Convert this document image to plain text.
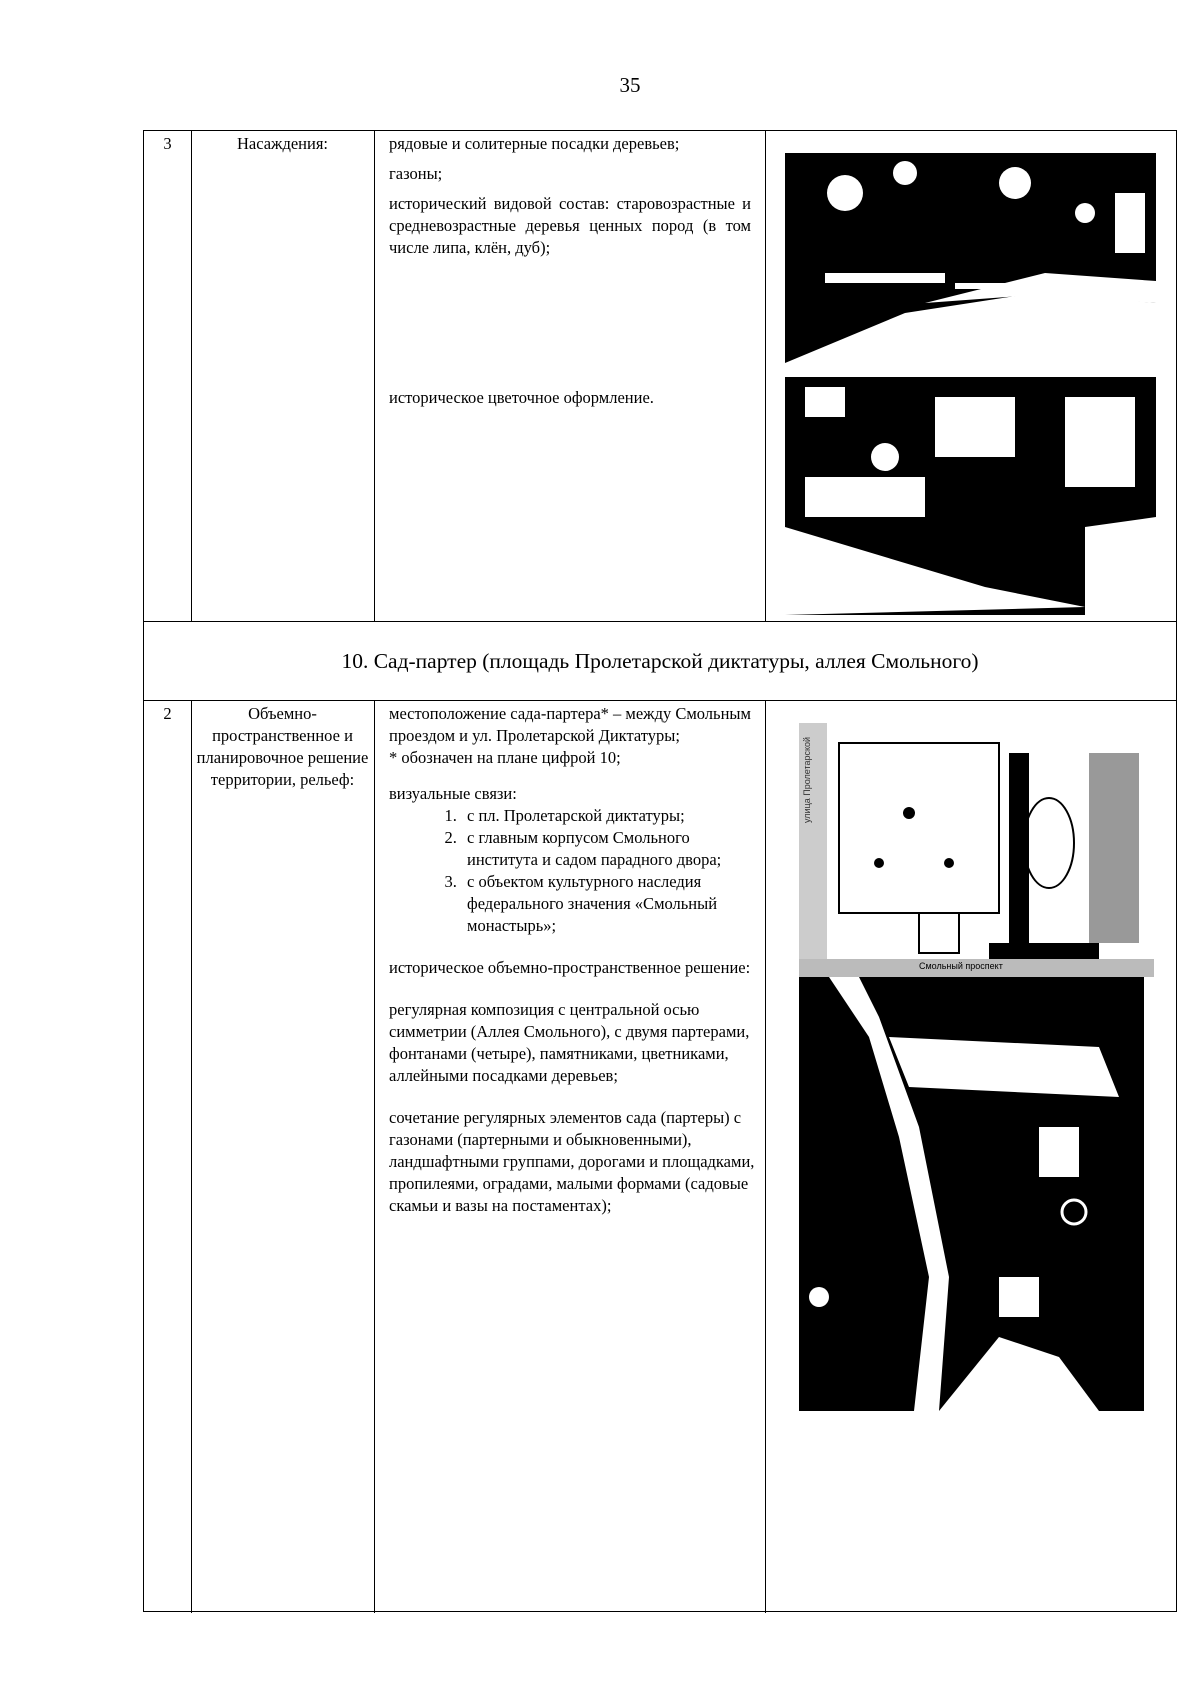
35
3	Насаждения:	рядовые и солитерные посадки деревьев;

газоны;

исторический видовой состав: старовозрастные и средневозрастные деревья ценных пород (в том числе липа, клён, дуб);

историческое цветочное оформление.

10. Сад-партер (площадь Пролетарской диктатуры, аллея Смольного)
2	Объемно-пространственное и планировочное решение территории, рельеф:

местоположение сада-партера* – между Смольным проездом и ул. Пролетарской Диктатуры;

* обозначен на плане цифрой 10;

визуальные связи:

1. с пл. Пролетарской диктатуры;
2. с главным корпусом Смольного института и садом парадного двора;
3. с объектом культурного наследия федерального значения «Смольный монастырь»;

историческое объемно-пространственное решение:

регулярная композиция с центральной осью симметрии (Аллея Смольного), с двумя партерами, фонтанами (четыре), памятниками, цветниками, аллейными посадками деревьев;

сочетание регулярных элементов сада (партеры) с газонами (партерными и обыкновенными), ландшафтными группами, дорогами и площадками, пропилеями, оградами, малыми формами (садовые скамьи и вазы на постаментах);

улица Пролетарской
Смольный проспект
